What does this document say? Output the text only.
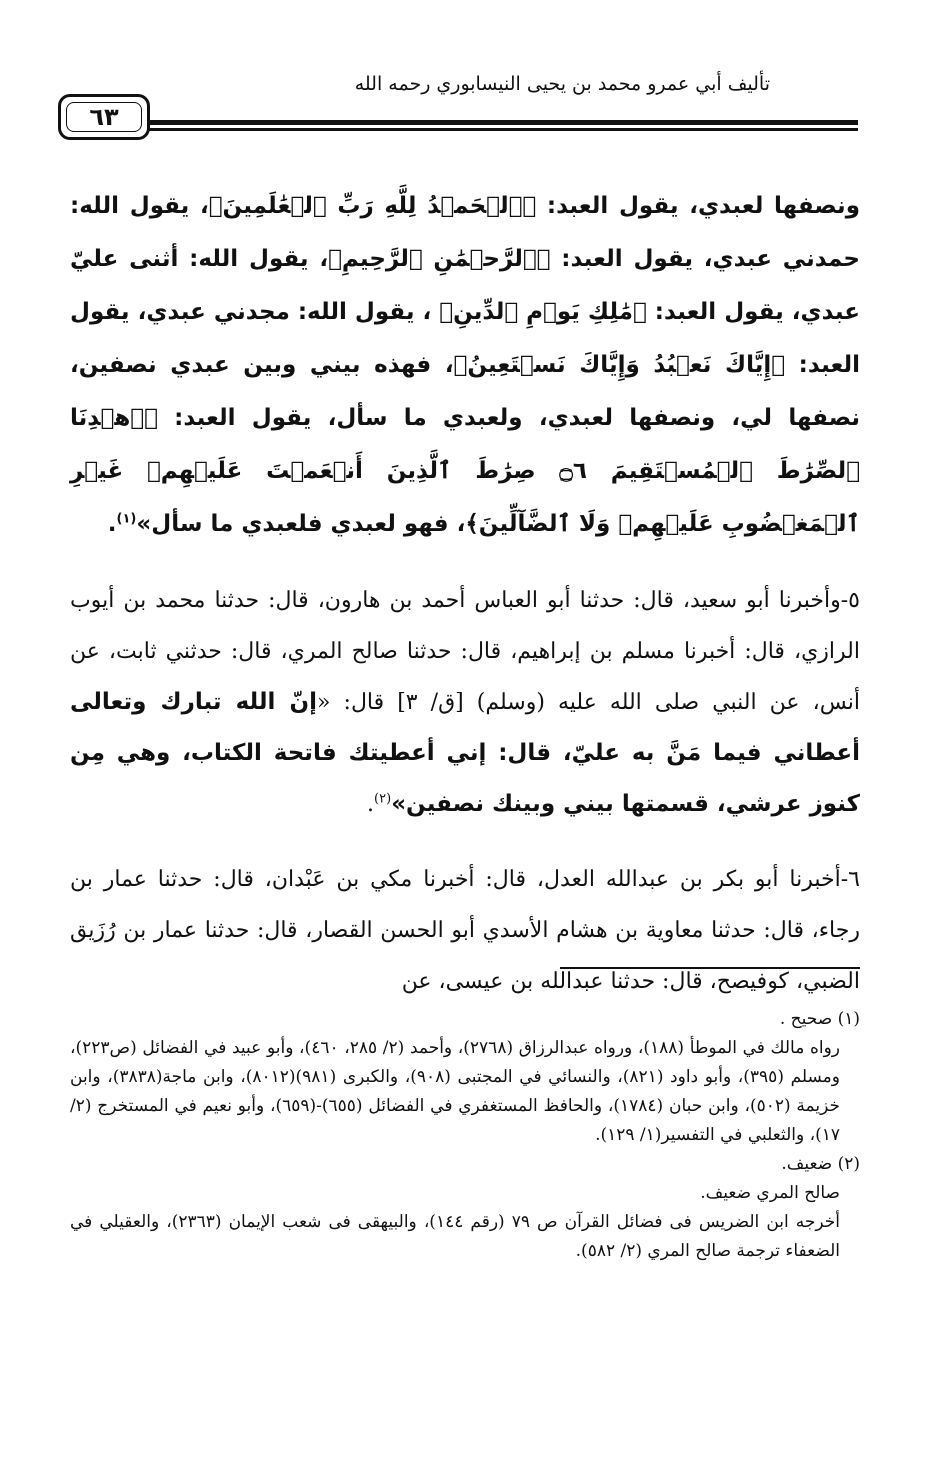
تأليف أبي عمرو محمد بن يحيى النيسابوري رحمه الله
٦٣

ونصفها لعبدي، يقول العبد: ﴿ٱلۡحَمۡدُ لِلَّهِ رَبِّ ٱلۡعَٰلَمِينَ﴾، يقول الله: حمدني عبدي، يقول العبد: ﴿ٱلرَّحۡمَٰنِ ٱلرَّحِيمِ﴾، يقول الله: أثنى عليّ عبدي، يقول العبد: ﴿مَٰلِكِ يَوۡمِ ٱلدِّينِ﴾ ، يقول الله: مجدني عبدي، يقول العبد: ﴿إِيَّاكَ نَعۡبُدُ وَإِيَّاكَ نَسۡتَعِينُ﴾، فهذه بيني وبين عبدي نصفين، نصفها لي، ونصفها لعبدي، ولعبدي ما سأل، يقول العبد: ﴿ٱهۡدِنَا ٱلصِّرَٰطَ ٱلۡمُسۡتَقِيمَ ۝٦ صِرَٰطَ ٱلَّذِينَ أَنۡعَمۡتَ عَلَيۡهِمۡ غَيۡرِ ٱلۡمَغۡضُوبِ عَلَيۡهِمۡ وَلَا ٱلضَّآلِّينَ﴾، فهو لعبدي فلعبدي ما سأل»$^{(١)}$.

٥-وأخبرنا أبو سعيد، قال: حدثنا أبو العباس أحمد بن هارون، قال: حدثنا محمد بن أيوب الرازي، قال: أخبرنا مسلم بن إبراهيم، قال: حدثنا صالح المري، قال: حدثني ثابت، عن أنس، عن النبي صلى الله عليه (وسلم) [ق/ ٣] قال: «إنّ الله تبارك وتعالى أعطاني فيما مَنَّ به عليّ، قال: إني أعطيتك فاتحة الكتاب، وهي مِن كنوز عرشي، قسمتها بيني وبينك نصفين»$^{(٢)}$.

٦-أخبرنا أبو بكر بن عبدالله العدل، قال: أخبرنا مكي بن عَبْدان، قال: حدثنا عمار بن رجاء، قال: حدثنا معاوية بن هشام الأسدي أبو الحسن القصار، قال: حدثنا عمار بن رُزَيق الضبي، كوفيصح، قال: حدثنا عبدالله بن عيسى، عن

(١) صحيح .

رواه مالك في الموطأ (١٨٨)، ورواه عبدالرزاق (٢٧٦٨)، وأحمد (٢/ ٢٨٥، ٤٦٠)، وأبو عبيد في الفضائل (ص٢٢٣)، ومسلم (٣٩٥)، وأبو داود (٨٢١)، والنسائي في المجتبى (٩٠٨)، والكبرى (٩٨١)(٨٠١٢)، وابن ماجة(٣٨٣٨)، وابن خزيمة (٥٠٢)، وابن حبان (١٧٨٤)، والحافظ المستغفري في الفضائل (٦٥٥)-(٦٥٩)، وأبو نعيم في المستخرج (٢/ ١٧)، والثعلبي في التفسير(١/ ١٢٩).

(٢) ضعيف.

صالح المري ضعيف.

أخرجه ابن الضريس فى فضائل القرآن ص ٧٩ (رقم ١٤٤)، والبيهقى فى شعب الإيمان (٢٣٦٣)، والعقيلي في الضعفاء ترجمة صالح المري (٢/ ٥٨٢).
